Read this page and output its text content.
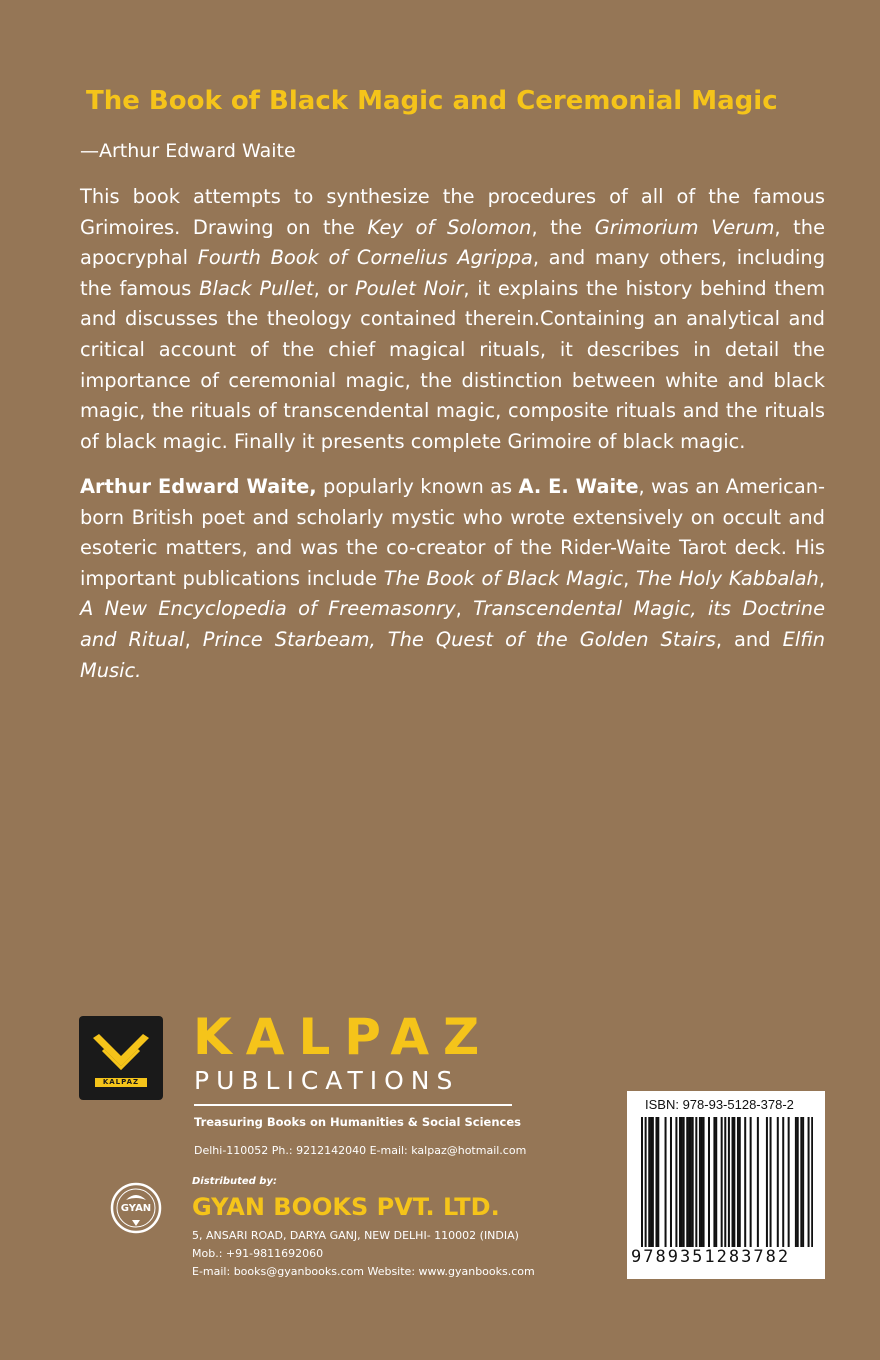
The Book of Black Magic and Ceremonial Magic
—Arthur Edward Waite

This book attempts to synthesize the procedures of all of the famous Grimoires. Drawing on the Key of Solomon, the Grimorium Verum, the apocryphal Fourth Book of Cornelius Agrippa, and many others, including the famous Black Pullet, or Poulet Noir, it explains the history behind them and discusses the theology contained therein.Containing an analytical and critical account of the chief magical rituals, it describes in detail the importance of ceremonial magic, the distinction between white and black magic, the rituals of transcendental magic, composite rituals and the rituals of black magic. Finally it presents complete Grimoire of black magic.

Arthur Edward Waite, popularly known as A. E. Waite, was an American-born British poet and scholarly mystic who wrote extensively on occult and esoteric matters, and was the co-creator of the Rider-Waite Tarot deck. His important publications include The Book of Black Magic, The Holy Kabbalah, A New Encyclopedia of Freemasonry, Transcendental Magic, its Doctrine and Ritual, Prince Starbeam, The Quest of the Golden Stairs, and Elfin Music.

KALPAZ
KALPAZ
PUBLICATIONS
Treasuring Books on Humanities & Social Sciences
Delhi-110052 Ph.: 9212142040 E-mail: kalpaz@hotmail.com
Distributed by:
GYAN	GYAN BOOKS PVT. LTD.
5, ANSARI ROAD, DARYA GANJ, NEW DELHI- 110002 (INDIA)
Mob.: +91-9811692060
E-mail: books@gyanbooks.com Website: www.gyanbooks.com
ISBN: 978-93-5128-378-2
9789351283782
